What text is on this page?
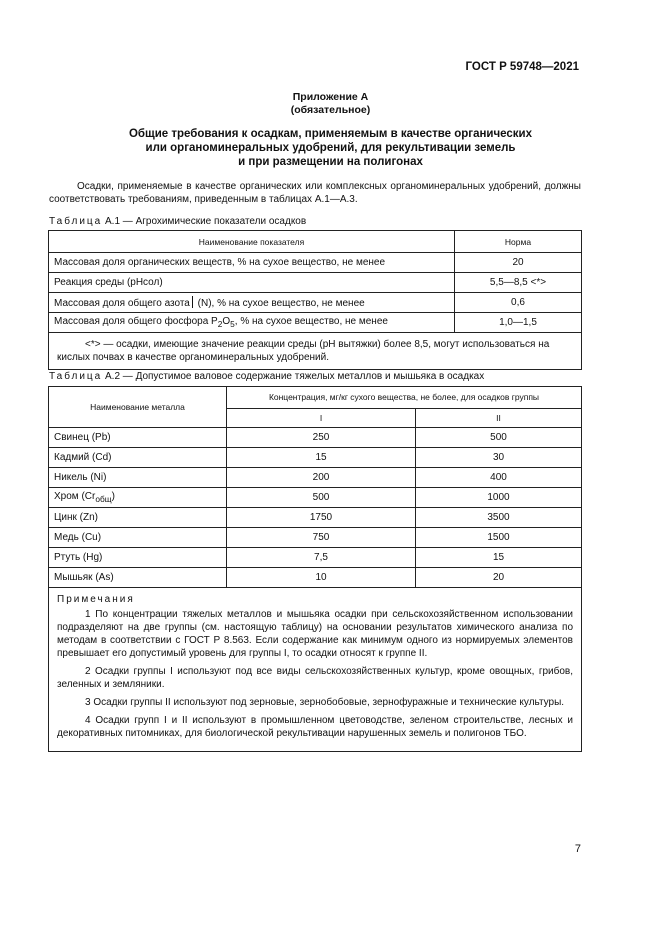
ГОСТ Р 59748—2021
Приложение А
(обязательное)
Общие требования к осадкам, применяемым в качестве органических
или органоминеральных удобрений, для рекультивации земель
и при размещении на полигонах
Осадки, применяемые в качестве органических или комплексных органоминеральных удобрений, должны соответствовать требованиям, приведенным в таблицах А.1—А.3.
Таблица А.1 — Агрохимические показатели осадков
Наименование показателя	Норма
Массовая доля органических веществ, % на сухое вещество, не менее	20
Реакция среды (pHсол)	5,5—8,5 <*>
Массовая доля общего азота (N), % на сухое вещество, не менее	0,6
Массовая доля общего фосфора $P_2O_5$, % на сухое вещество, не менее	1,0—1,5
<*> — осадки, имеющие значение реакции среды (pH вытяжки) более 8,5, могут использоваться на кислых почвах в качестве органоминеральных удобрений.	
Таблица А.2 — Допустимое валовое содержание тяжелых металлов и мышьяка в осадках
Наименование металла	Концентрация, мг/кг сухого вещества, не более, для осадков группы	
	I	II
Свинец (Pb)	250	500
Кадмий (Cd)	15	30
Никель (Ni)	200	400
Хром $(Cr_{общ})$	500	1000
Цинк (Zn)	1750	3500
Медь (Cu)	750	1500
Ртуть (Hg)	7,5	15
Мышьяк (As)	10	20

Примечания

1 По концентрации тяжелых металлов и мышьяка осадки при сельскохозяйственном использовании подразделяют на две группы (см. настоящую таблицу) на основании результатов химического анализа по методам в соответствии с ГОСТ Р 8.563. Если содержание как минимум одного из нормируемых элементов превышает его допустимый уровень для группы I, то осадки относят к группе II.

2 Осадки группы I используют под все виды сельскохозяйственных культур, кроме овощных, грибов, зеленных и земляники.

3 Осадки группы II используют под зерновые, зернобобовые, зернофуражные и технические культуры.

4 Осадки групп I и II используют в промышленном цветоводстве, зеленом строительстве, лесных и декоративных питомниках, для биологической рекультивации нарушенных земель и полигонов ТБО.		

7
